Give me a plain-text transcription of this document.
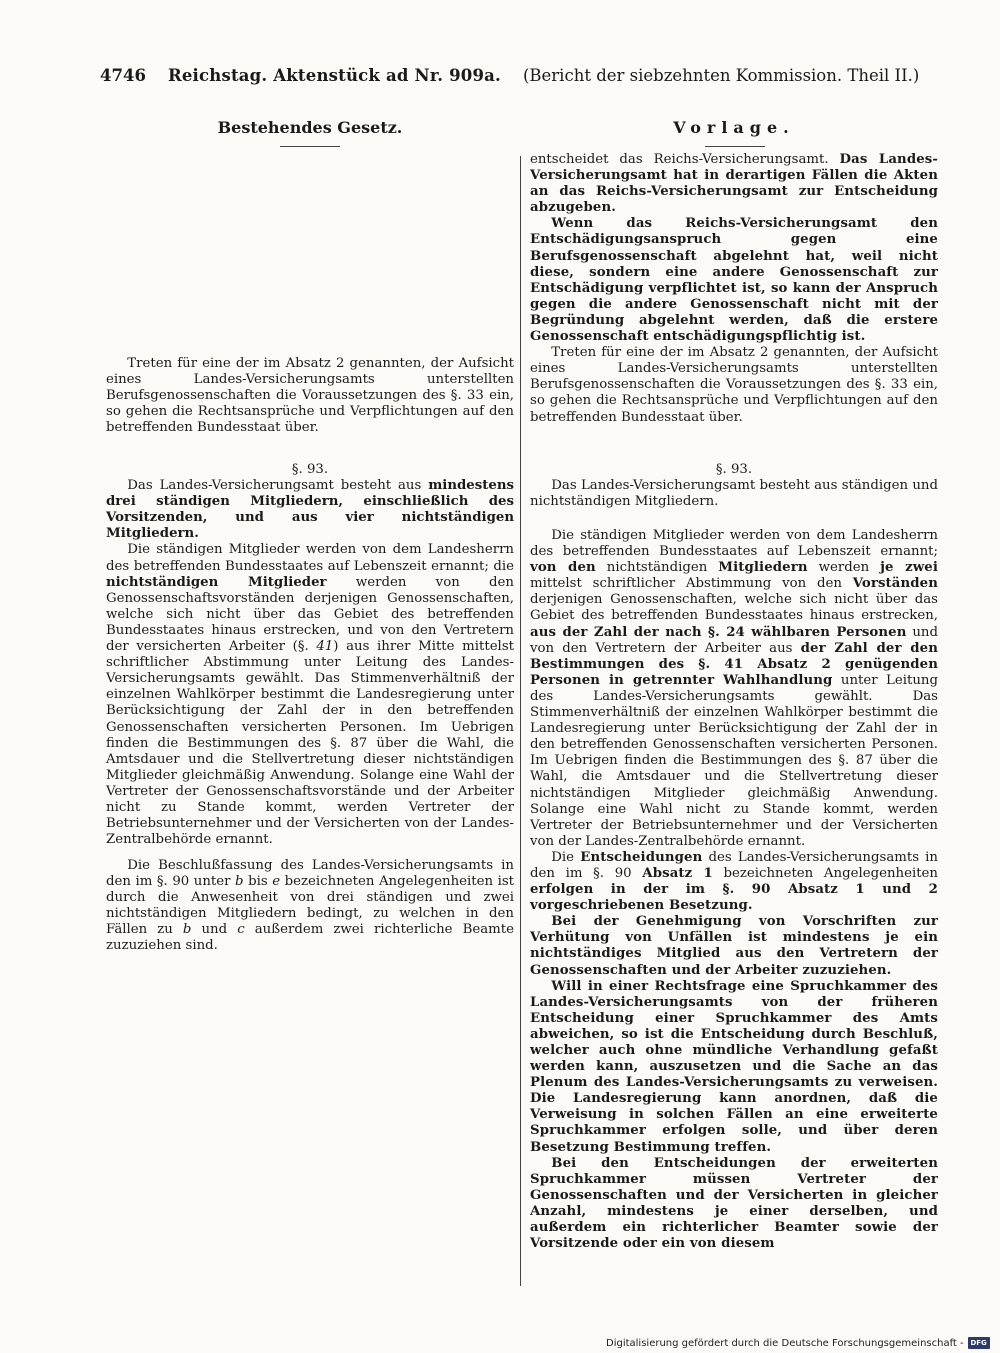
4746 Reichstag. Aktenstück ad Nr. 909a. (Bericht der siebzehnten Kommission. Theil II.)
Bestehendes Gesetz.	Vorlage.

Treten für eine der im Absatz 2 genannten, der Aufsicht eines Landes-Versicherungsamts unterstellten Berufsgenossenschaften die Voraussetzungen des §. 33 ein, so gehen die Rechtsansprüche und Verpflichtungen auf den betreffenden Bundesstaat über.

§. 93.

Das Landes-Versicherungsamt besteht aus mindestens drei ständigen Mitgliedern, einschließlich des Vorsitzenden, und aus vier nichtständigen Mitgliedern.

Die ständigen Mitglieder werden von dem Landesherrn des betreffenden Bundesstaates auf Lebenszeit ernannt; die nichtständigen Mitglieder werden von den Genossenschaftsvorständen derjenigen Genossenschaften, welche sich nicht über das Gebiet des betreffenden Bundesstaates hinaus erstrecken, und von den Vertretern der versicherten Arbeiter (§. 41) aus ihrer Mitte mittelst schriftlicher Abstimmung unter Leitung des Landes-Versicherungsamts gewählt. Das Stimmenverhältniß der einzelnen Wahlkörper bestimmt die Landesregierung unter Berücksichtigung der Zahl der in den betreffenden Genossenschaften versicherten Personen. Im Uebrigen finden die Bestimmungen des §. 87 über die Wahl, die Amtsdauer und die Stellvertretung dieser nichtständigen Mitglieder gleichmäßig Anwendung. Solange eine Wahl der Vertreter der Genossenschaftsvorstände und der Arbeiter nicht zu Stande kommt, werden Vertreter der Betriebsunternehmer und der Versicherten von der Landes-Zentralbehörde ernannt.

Die Beschlußfassung des Landes-Versicherungsamts in den im §. 90 unter b bis e bezeichneten Angelegenheiten ist durch die Anwesenheit von drei ständigen und zwei nichtständigen Mitgliedern bedingt, zu welchen in den Fällen zu b und c außerdem zwei richterliche Beamte zuzuziehen sind.

entscheidet das Reichs-Versicherungsamt. Das Landes-Versicherungsamt hat in derartigen Fällen die Akten an das Reichs-Versicherungsamt zur Entscheidung abzugeben.

Wenn das Reichs-Versicherungsamt den Entschädigungsanspruch gegen eine Berufsgenossenschaft abgelehnt hat, weil nicht diese, sondern eine andere Genossenschaft zur Entschädigung verpflichtet ist, so kann der Anspruch gegen die andere Genossenschaft nicht mit der Begründung abgelehnt werden, daß die erstere Genossenschaft entschädigungspflichtig ist.

Treten für eine der im Absatz 2 genannten, der Aufsicht eines Landes-Versicherungsamts unterstellten Berufsgenossenschaften die Voraussetzungen des §. 33 ein, so gehen die Rechtsansprüche und Verpflichtungen auf den betreffenden Bundesstaat über.

§. 93.

Das Landes-Versicherungsamt besteht aus ständigen und nichtständigen Mitgliedern.

Die ständigen Mitglieder werden von dem Landesherrn des betreffenden Bundesstaates auf Lebenszeit ernannt; von den nichtständigen Mitgliedern werden je zwei mittelst schriftlicher Abstimmung von den Vorständen derjenigen Genossenschaften, welche sich nicht über das Gebiet des betreffenden Bundesstaates hinaus erstrecken, aus der Zahl der nach §. 24 wählbaren Personen und von den Vertretern der Arbeiter aus der Zahl der den Bestimmungen des §. 41 Absatz 2 genügenden Personen in getrennter Wahlhandlung unter Leitung des Landes-Versicherungsamts gewählt. Das Stimmenverhältniß der einzelnen Wahlkörper bestimmt die Landesregierung unter Berücksichtigung der Zahl der in den betreffenden Genossenschaften versicherten Personen. Im Uebrigen finden die Bestimmungen des §. 87 über die Wahl, die Amtsdauer und die Stellvertretung dieser nichtständigen Mitglieder gleichmäßig Anwendung. Solange eine Wahl nicht zu Stande kommt, werden Vertreter der Betriebsunternehmer und der Versicherten von der Landes-Zentralbehörde ernannt.

Die Entscheidungen des Landes-Versicherungsamts in den im §. 90 Absatz 1 bezeichneten Angelegenheiten erfolgen in der im §. 90 Absatz 1 und 2 vorgeschriebenen Besetzung.

Bei der Genehmigung von Vorschriften zur Verhütung von Unfällen ist mindestens je ein nichtständiges Mitglied aus den Vertretern der Genossenschaften und der Arbeiter zuzuziehen.

Will in einer Rechtsfrage eine Spruchkammer des Landes-Versicherungsamts von der früheren Entscheidung einer Spruchkammer des Amts abweichen, so ist die Entscheidung durch Beschluß, welcher auch ohne mündliche Verhandlung gefaßt werden kann, auszusetzen und die Sache an das Plenum des Landes-Versicherungsamts zu verweisen. Die Landesregierung kann anordnen, daß die Verweisung in solchen Fällen an eine erweiterte Spruchkammer erfolgen solle, und über deren Besetzung Bestimmung treffen.

Bei den Entscheidungen der erweiterten Spruchkammer müssen Vertreter der Genossenschaften und der Versicherten in gleicher Anzahl, mindestens je einer derselben, und außerdem ein richterlicher Beamter sowie der Vorsitzende oder ein von diesem

Digitalisierung gefördert durch die Deutsche Forschungsgemeinschaft - DFG
